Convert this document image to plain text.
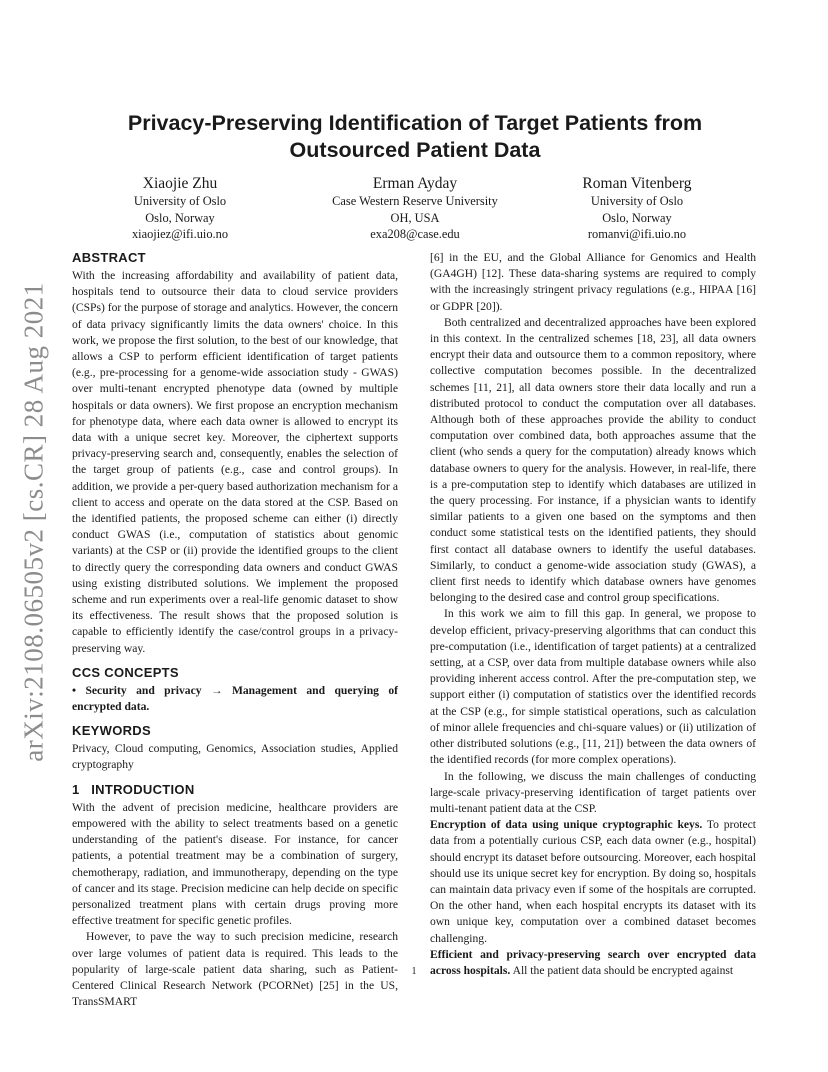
arXiv:2108.06505v2 [cs.CR] 28 Aug 2021
Privacy-Preserving Identification of Target Patients from
Outsourced Patient Data
Xiaojie Zhu
University of Oslo
Oslo, Norway
xiaojiez@ifi.uio.no
Erman Ayday
Case Western Reserve University
OH, USA
exa208@case.edu
Roman Vitenberg
University of Oslo
Oslo, Norway
romanvi@ifi.uio.no
ABSTRACT

With the increasing affordability and availability of patient data, hospitals tend to outsource their data to cloud service providers (CSPs) for the purpose of storage and analytics. However, the concern of data privacy significantly limits the data owners' choice. In this work, we propose the first solution, to the best of our knowledge, that allows a CSP to perform efficient identification of target patients (e.g., pre-processing for a genome-wide association study - GWAS) over multi-tenant encrypted phenotype data (owned by multiple hospitals or data owners). We first propose an encryption mechanism for phenotype data, where each data owner is allowed to encrypt its data with a unique secret key. Moreover, the ciphertext supports privacy-preserving search and, consequently, enables the selection of the target group of patients (e.g., case and control groups). In addition, we provide a per-query based authorization mechanism for a client to access and operate on the data stored at the CSP. Based on the identified patients, the proposed scheme can either (i) directly conduct GWAS (i.e., computation of statistics about genomic variants) at the CSP or (ii) provide the identified groups to the client to directly query the corresponding data owners and conduct GWAS using existing distributed solutions. We implement the proposed scheme and run experiments over a real-life genomic dataset to show its effectiveness. The result shows that the proposed solution is capable to efficiently identify the case/control groups in a privacy-preserving way.

CCS CONCEPTS

• Security and privacy → Management and querying of encrypted data.

KEYWORDS

Privacy, Cloud computing, Genomics, Association studies, Applied cryptography

1   INTRODUCTION

With the advent of precision medicine, healthcare providers are empowered with the ability to select treatments based on a genetic understanding of the patient's disease. For instance, for cancer patients, a potential treatment may be a combination of surgery, chemotherapy, radiation, and immunotherapy, depending on the type of cancer and its stage. Precision medicine can help decide on specific personalized treatment plans with certain drugs proving more effective treatment for specific genetic profiles.

However, to pave the way to such precision medicine, research over large volumes of patient data is required. This leads to the popularity of large-scale patient data sharing, such as Patient-Centered Clinical Research Network (PCORNet) [25] in the US, TransSMART

[6] in the EU, and the Global Alliance for Genomics and Health (GA4GH) [12]. These data-sharing systems are required to comply with the increasingly stringent privacy regulations (e.g., HIPAA [16] or GDPR [20]).

Both centralized and decentralized approaches have been explored in this context. In the centralized schemes [18, 23], all data owners encrypt their data and outsource them to a common repository, where collective computation becomes possible. In the decentralized schemes [11, 21], all data owners store their data locally and run a distributed protocol to conduct the computation over all databases. Although both of these approaches provide the ability to conduct computation over combined data, both approaches assume that the client (who sends a query for the computation) already knows which database owners to query for the analysis. However, in real-life, there is a pre-computation step to identify which databases are utilized in the query processing. For instance, if a physician wants to identify similar patients to a given one based on the symptoms and then conduct some statistical tests on the identified patients, they should first contact all database owners to identify the useful databases. Similarly, to conduct a genome-wide association study (GWAS), a client first needs to identify which database owners have genomes belonging to the desired case and control group specifications.

In this work we aim to fill this gap. In general, we propose to develop efficient, privacy-preserving algorithms that can conduct this pre-computation (i.e., identification of target patients) at a centralized setting, at a CSP, over data from multiple database owners while also providing inherent access control. After the pre-computation step, we support either (i) computation of statistics over the identified records at the CSP (e.g., for simple statistical operations, such as calculation of minor allele frequencies and chi-square values) or (ii) utilization of other distributed solutions (e.g., [11, 21]) between the data owners of the identified records (for more complex operations).

In the following, we discuss the main challenges of conducting large-scale privacy-preserving identification of target patients over multi-tenant patient data at the CSP.

Encryption of data using unique cryptographic keys. To protect data from a potentially curious CSP, each data owner (e.g., hospital) should encrypt its dataset before outsourcing. Moreover, each hospital should use its unique secret key for encryption. By doing so, hospitals can maintain data privacy even if some of the hospitals are corrupted. On the other hand, when each hospital encrypts its dataset with its own unique key, computation over a combined dataset becomes challenging.

Efficient and privacy-preserving search over encrypted data across hospitals. All the patient data should be encrypted against

1
